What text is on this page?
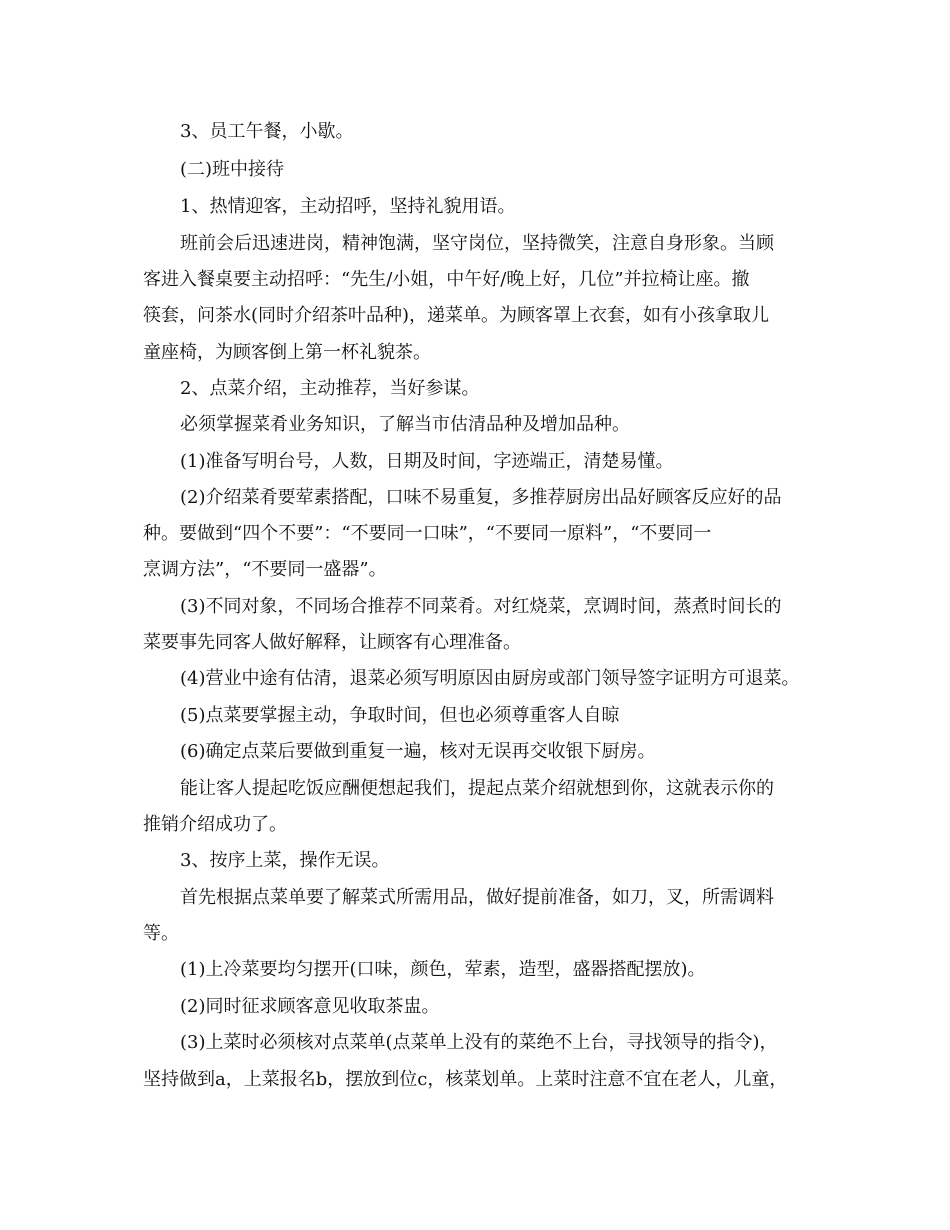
3、员工午餐，小歇。
(二)班中接待
1、热情迎客，主动招呼，坚持礼貌用语。
班前会后迅速进岗，精神饱满，坚守岗位，坚持微笑，注意自身形象。当顾
客进入餐桌要主动招呼：“先生/小姐，中午好/晚上好，几位”并拉椅让座。撤
筷套，问茶水(同时介绍茶叶品种)，递菜单。为顾客罩上衣套，如有小孩拿取儿
童座椅，为顾客倒上第一杯礼貌茶。
2、点菜介绍，主动推荐，当好参谋。
必须掌握菜肴业务知识，了解当市估清品种及增加品种。
(1)准备写明台号，人数，日期及时间，字迹端正，清楚易懂。
(2)介绍菜肴要荤素搭配，口味不易重复，多推荐厨房出品好顾客反应好的品
种。要做到“四个不要”：“不要同一口味”，“不要同一原料”，“不要同一
烹调方法”，“不要同一盛器”。
(3)不同对象，不同场合推荐不同菜肴。对红烧菜，烹调时间，蒸煮时间长的
菜要事先同客人做好解释，让顾客有心理准备。
(4)营业中途有估清，退菜必须写明原因由厨房或部门领导签字证明方可退菜。
(5)点菜要掌握主动，争取时间，但也必须尊重客人自晾
(6)确定点菜后要做到重复一遍，核对无误再交收银下厨房。
能让客人提起吃饭应酬便想起我们，提起点菜介绍就想到你，这就表示你的
推销介绍成功了。
3、按序上菜，操作无误。
首先根据点菜单要了解菜式所需用品，做好提前准备，如刀，叉，所需调料
等。
(1)上冷菜要均匀摆开(口味，颜色，荤素，造型，盛器搭配摆放)。
(2)同时征求顾客意见收取茶盅。
(3)上菜时必须核对点菜单(点菜单上没有的菜绝不上台，寻找领导的指令)，
坚持做到a，上菜报名b，摆放到位c，核菜划单。上菜时注意不宜在老人，儿童，
